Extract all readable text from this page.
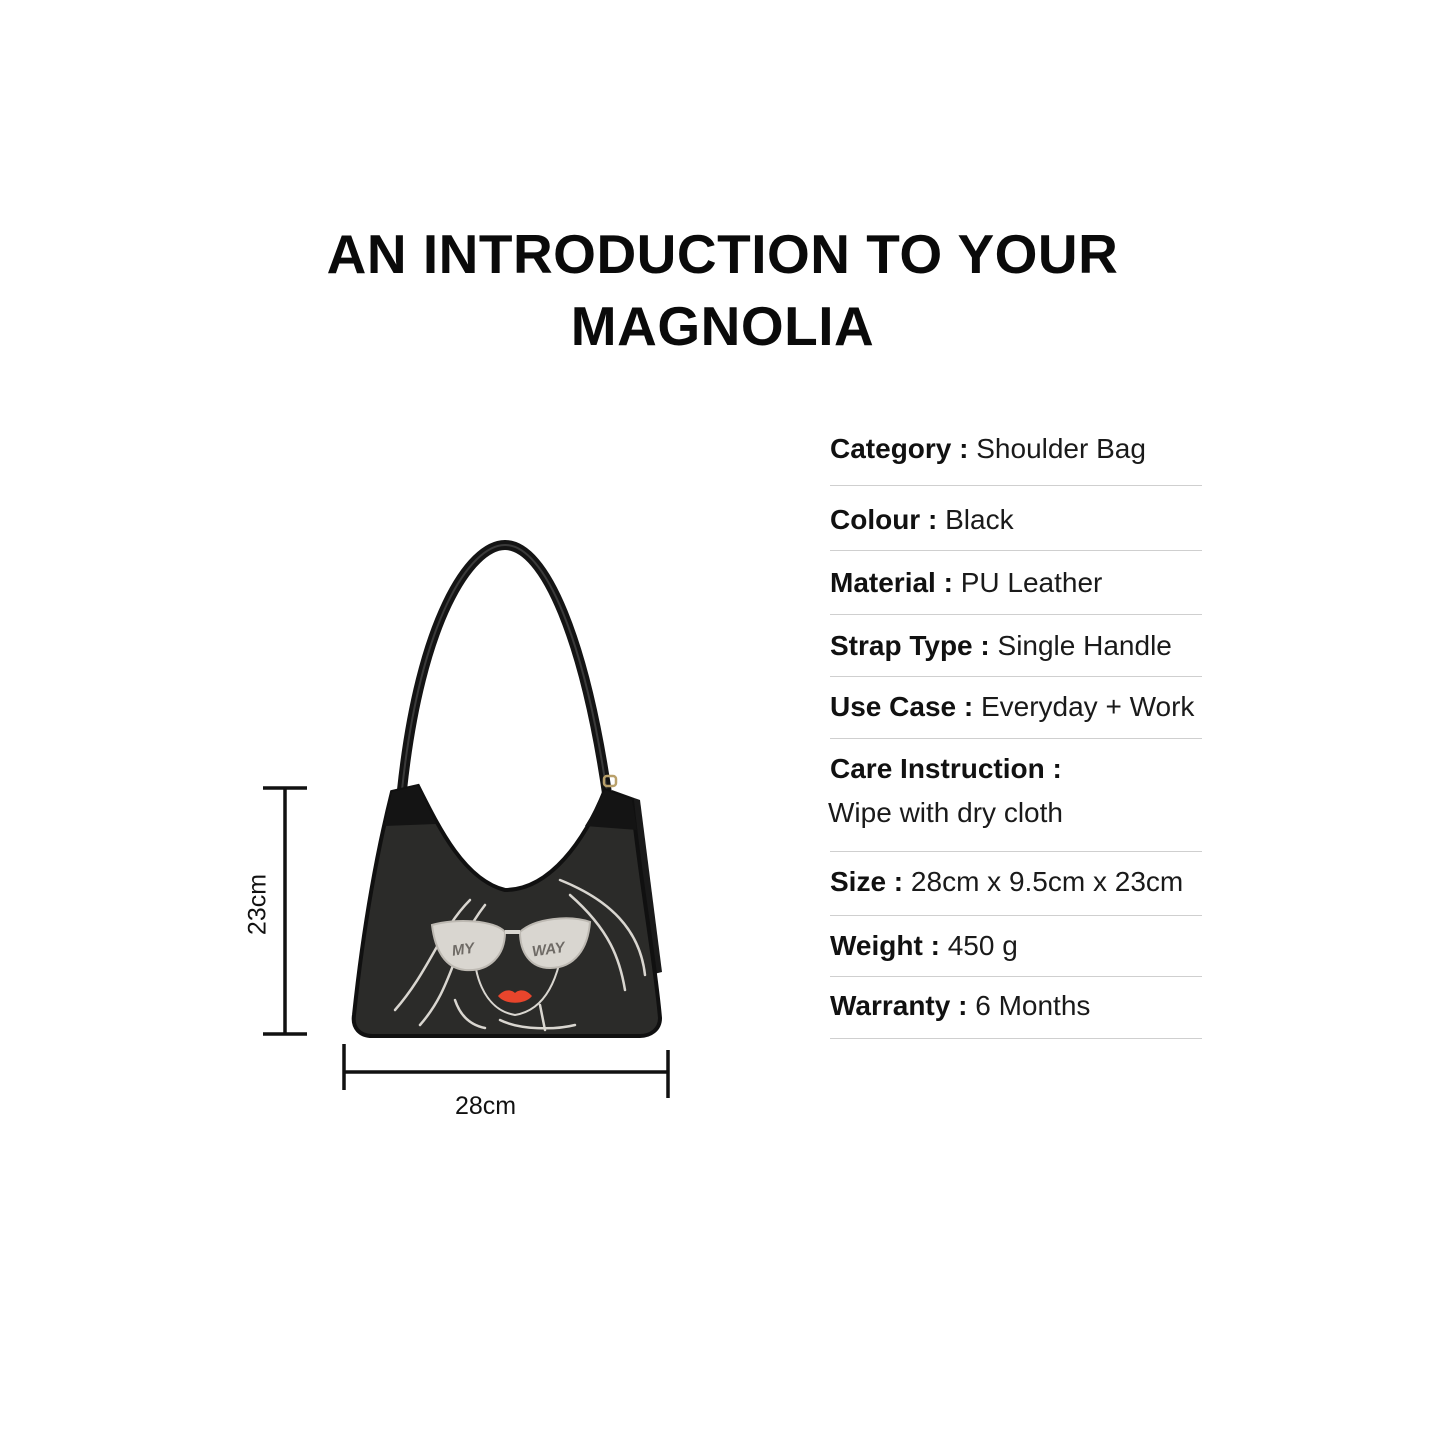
AN INTRODUCTION TO YOUR
MAGNOLIA
MY	WAY
28cm
23cm
Category : Shoulder Bag
Colour : Black
Material : PU Leather
Strap Type : Single Handle
Use Case : Everyday + Work
Care Instruction :
Wipe with dry cloth
Size : 28cm x 9.5cm x 23cm
Weight : 450 g
Warranty : 6 Months
